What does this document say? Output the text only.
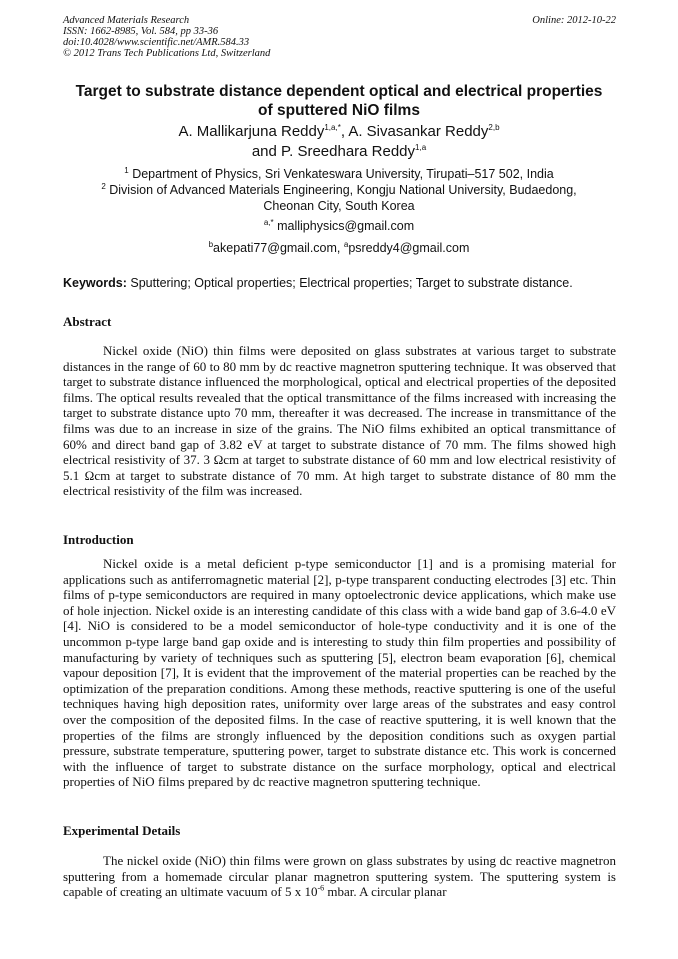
Advanced Materials Research
ISSN: 1662-8985, Vol. 584, pp 33-36
doi:10.4028/www.scientific.net/AMR.584.33
© 2012 Trans Tech Publications Ltd, Switzerland
Online: 2012-10-22
Target to substrate distance dependent optical and electrical properties
of sputtered NiO films
A. Mallikarjuna Reddy$^{1,a,*}$, A. Sivasankar Reddy$^{2,b}$
and P. Sreedhara Reddy$^{1,a}$
$^1$ Department of Physics, Sri Venkateswara University, Tirupati–517 502, India
$^2$ Division of Advanced Materials Engineering, Kongju National University, Budaedong,
Cheonan City, South Korea
$^{a,*}$ malliphysics@gmail.com
$^b$akepati77@gmail.com, $^a$psreddy4@gmail.com
Keywords: Sputtering; Optical properties; Electrical properties; Target to substrate distance.
Abstract
Nickel oxide (NiO) thin films were deposited on glass substrates at various target to substrate distances in the range of 60 to 80 mm by dc reactive magnetron sputtering technique. It was observed that target to substrate distance influenced the morphological, optical and electrical properties of the deposited films. The optical results revealed that the optical transmittance of the films increased with increasing the target to substrate distance upto 70 mm, thereafter it was decreased. The increase in transmittance of the films was due to an increase in size of the grains. The NiO films exhibited an optical transmittance of 60% and direct band gap of 3.82 eV at target to substrate distance of 70 mm. The films showed high electrical resistivity of 37. 3 Ωcm at target to substrate distance of 60 mm and low electrical resistivity of 5.1 Ωcm at target to substrate distance of 70 mm. At high target to substrate distance of 80 mm the electrical resistivity of the film was increased.
Introduction
Nickel oxide is a metal deficient p-type semiconductor [1] and is a promising material for applications such as antiferromagnetic material [2], p-type transparent conducting electrodes [3] etc. Thin films of p-type semiconductors are required in many optoelectronic device applications, which make use of hole injection. Nickel oxide is an interesting candidate of this class with a wide band gap of 3.6-4.0 eV [4]. NiO is considered to be a model semiconductor of hole-type conductivity and it is one of the uncommon p-type large band gap oxide and is interesting to study thin film properties and possibility of manufacturing by variety of techniques such as sputtering [5], electron beam evaporation [6], chemical vapour deposition [7], It is evident that the improvement of the material properties can be reached by the optimization of the preparation conditions. Among these methods, reactive sputtering is one of the useful techniques having high deposition rates, uniformity over large areas of the substrates and easy control over the composition of the deposited films. In the case of reactive sputtering, it is well known that the properties of the films are strongly influenced by the deposition conditions such as oxygen partial pressure, substrate temperature, sputtering power, target to substrate distance etc. This work is concerned with the influence of target to substrate distance on the surface morphology, optical and electrical properties of NiO films prepared by dc reactive magnetron sputtering technique.
Experimental Details
The nickel oxide (NiO) thin films were grown on glass substrates by using dc reactive magnetron sputtering from a homemade circular planar magnetron sputtering system. The sputtering system is capable of creating an ultimate vacuum of 5 x $10^{-6}$ mbar. A circular planar
